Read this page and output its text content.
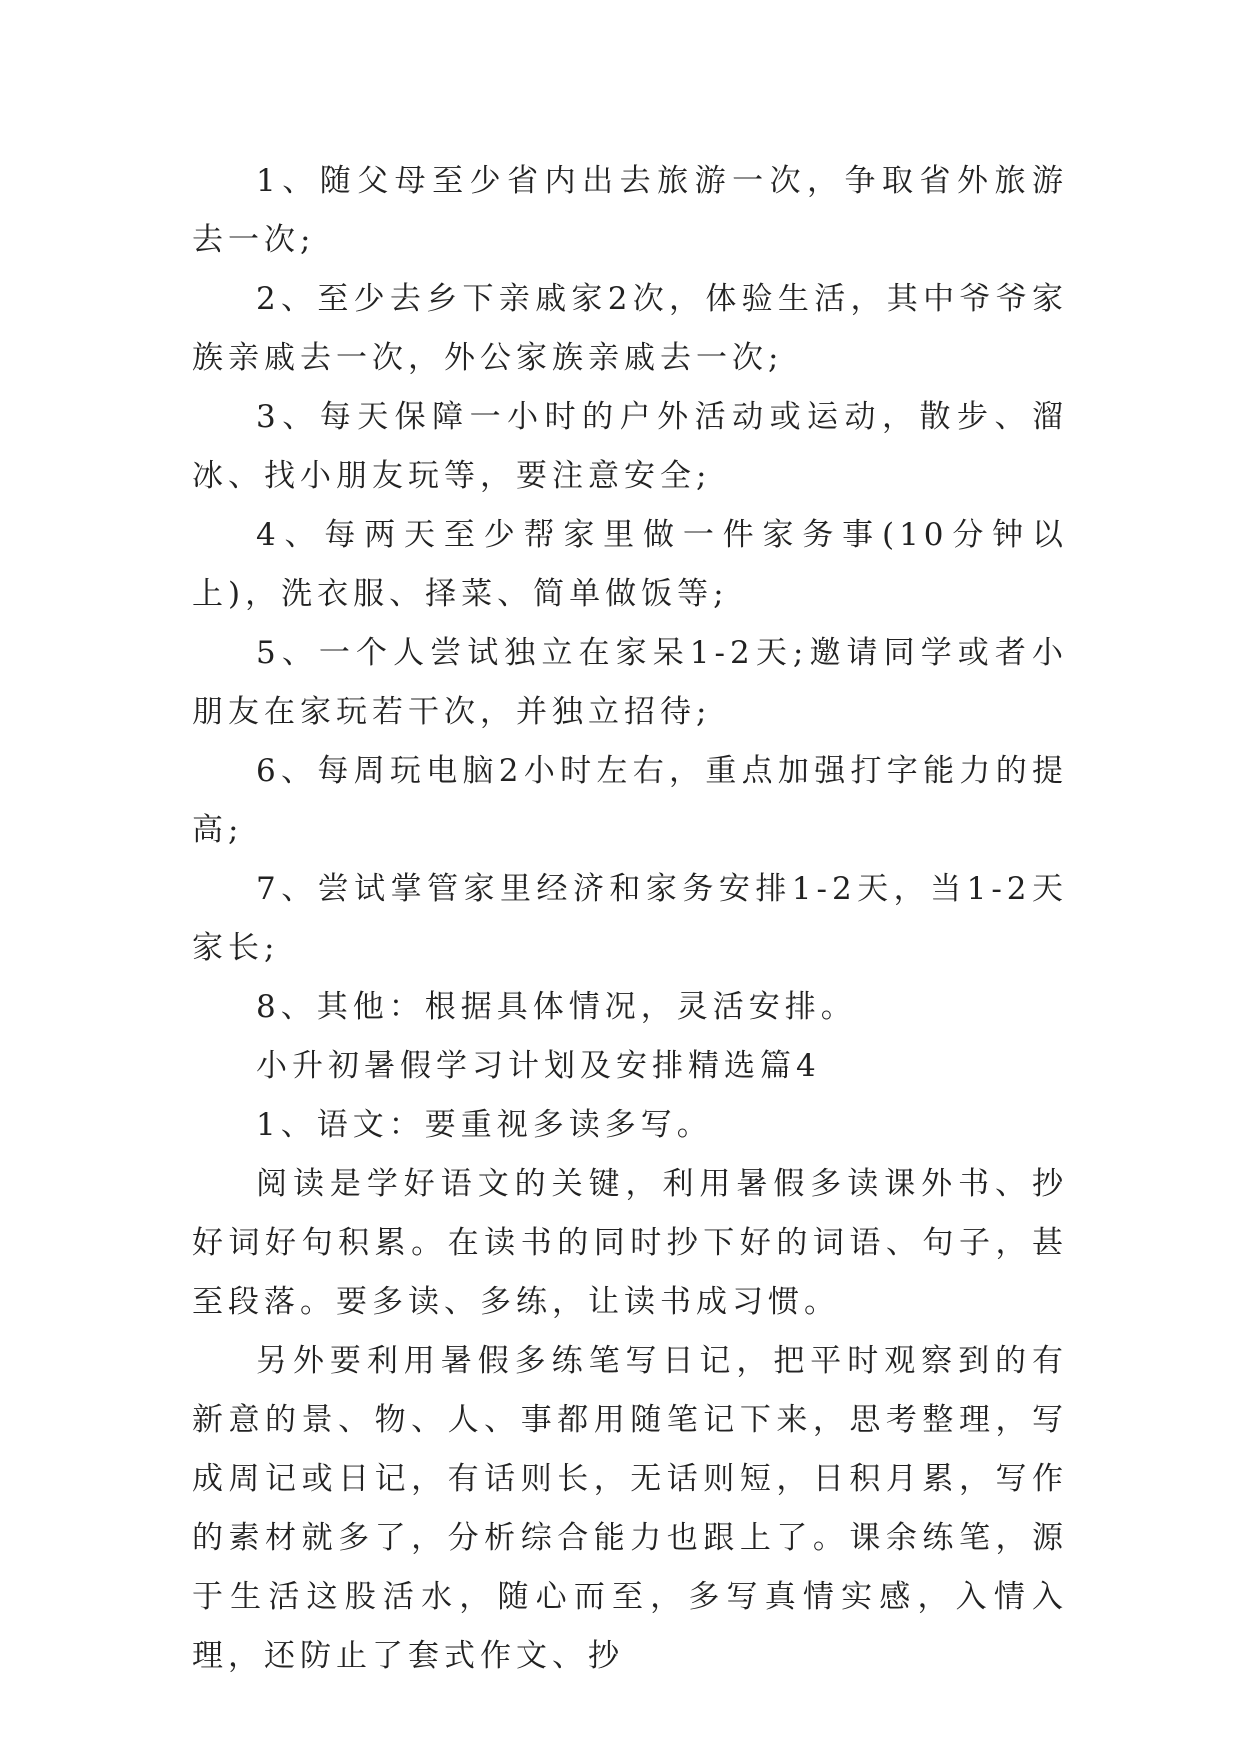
1、随父母至少省内出去旅游一次，争取省外旅游去一次;

2、至少去乡下亲戚家2次，体验生活，其中爷爷家族亲戚去一次，外公家族亲戚去一次;

3、每天保障一小时的户外活动或运动，散步、溜冰、找小朋友玩等，要注意安全;

4、每两天至少帮家里做一件家务事(10分钟以上)，洗衣服、择菜、简单做饭等;

5、一个人尝试独立在家呆1-2天;邀请同学或者小朋友在家玩若干次，并独立招待;

6、每周玩电脑2小时左右，重点加强打字能力的提高;

7、尝试掌管家里经济和家务安排1-2天，当1-2天家长;

8、其他：根据具体情况，灵活安排。

小升初暑假学习计划及安排精选篇4

1、语文：要重视多读多写。

阅读是学好语文的关键，利用暑假多读课外书、抄好词好句积累。在读书的同时抄下好的词语、句子，甚至段落。要多读、多练，让读书成习惯。

另外要利用暑假多练笔写日记，把平时观察到的有新意的景、物、人、事都用随笔记下来，思考整理，写成周记或日记，有话则长，无话则短，日积月累，写作的素材就多了，分析综合能力也跟上了。课余练笔，源于生活这股活水，随心而至，多写真情实感，入情入理，还防止了套式作文、抄
